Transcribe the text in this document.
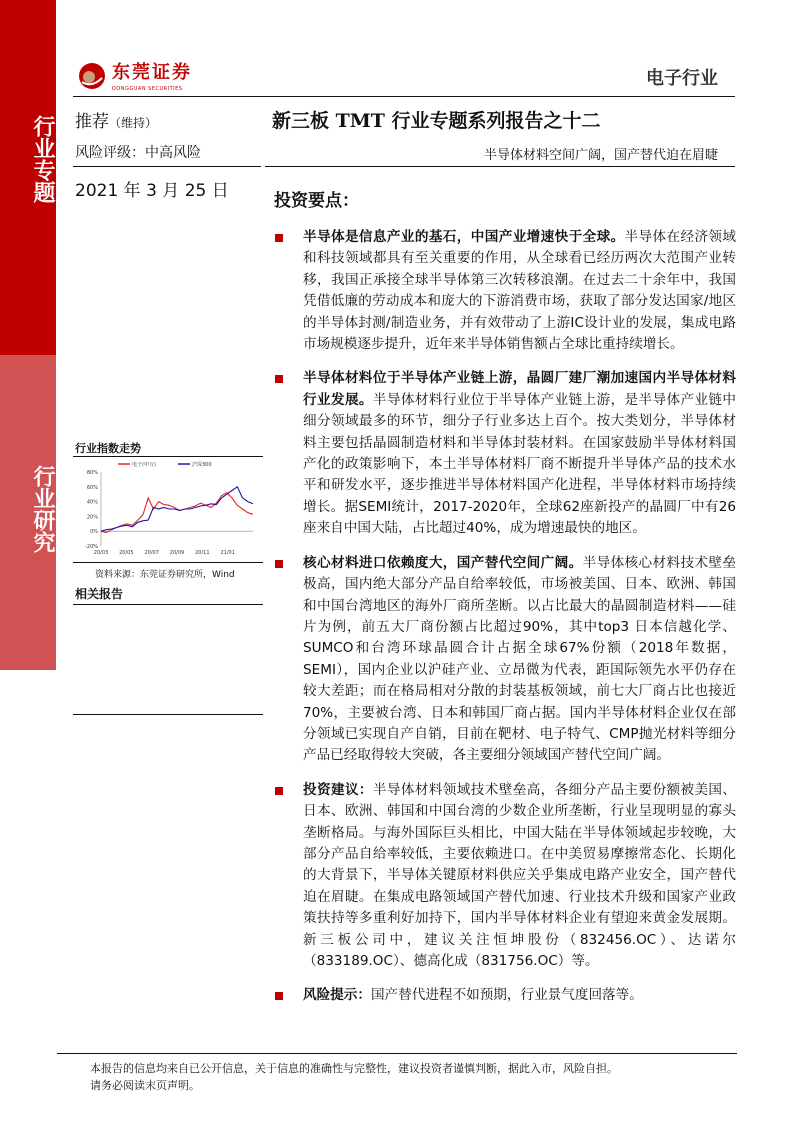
行业专题
行业研究
东莞证券
DONGGUAN SECURITIES	电子行业
推荐（维持）	新三板 TMT 行业专题系列报告之十二
风险评级：中高风险	半导体材料空间广阔，国产替代迫在眉睫
2021 年 3 月 25 日	投资要点：
半导体是信息产业的基石，中国产业增速快于全球。半导体在经济领域和科技领域都具有至关重要的作用，从全球看已经历两次大范围产业转移，我国正承接全球半导体第三次转移浪潮。在过去二十余年中，我国凭借低廉的劳动成本和庞大的下游消费市场，获取了部分发达国家/地区的半导体封测/制造业务，并有效带动了上游IC设计业的发展，集成电路市场规模逐步提升，近年来半导体销售额占全球比重持续增长。
半导体材料位于半导体产业链上游，晶圆厂建厂潮加速国内半导体材料行业发展。半导体材料行业位于半导体产业链上游，是半导体产业链中细分领域最多的环节，细分子行业多达上百个。按大类划分，半导体材料主要包括晶圆制造材料和半导体封装材料。在国家鼓励半导体材料国产化的政策影响下，本土半导体材料厂商不断提升半导体产品的技术水平和研发水平，逐步推进半导体材料国产化进程，半导体材料市场持续增长。据SEMI统计，2017-2020年，全球62座新投产的晶圆厂中有26座来自中国大陆，占比超过40%，成为增速最快的地区。
核心材料进口依赖度大，国产替代空间广阔。半导体核心材料技术壁垒极高，国内绝大部分产品自给率较低，市场被美国、日本、欧洲、韩国和中国台湾地区的海外厂商所垄断。以占比最大的晶圆制造材料——硅片为例，前五大厂商份额占比超过90%，其中top3 日本信越化学、SUMCO和台湾环球晶圆合计占据全球67%份额（2018年数据，SEMI），国内企业以沪硅产业、立昂微为代表，距国际领先水平仍存在较大差距；而在格局相对分散的封装基板领域，前七大厂商占比也接近70%，主要被台湾、日本和韩国厂商占据。国内半导体材料企业仅在部分领域已实现自产自销，目前在靶材、电子特气、CMP抛光材料等细分产品已经取得较大突破，各主要细分领域国产替代空间广阔。
投资建议：半导体材料领域技术壁垒高，各细分产品主要份额被美国、日本、欧洲、韩国和中国台湾的少数企业所垄断，行业呈现明显的寡头垄断格局。与海外国际巨头相比，中国大陆在半导体领域起步较晚，大部分产品自给率较低，主要依赖进口。在中美贸易摩擦常态化、长期化的大背景下，半导体关键原材料供应关乎集成电路产业安全，国产替代迫在眉睫。在集成电路领域国产替代加速、行业技术升级和国家产业政策扶持等多重利好加持下，国内半导体材料企业有望迎来黄金发展期。新三板公司中，建议关注恒坤股份（832456.OC）、达诺尔（833189.OC）、德高化成（831756.OC）等。
风险提示：国产替代进程不如预期，行业景气度回落等。
行业指数走势
80%
60%
40%
20%
0%
-20%
20/03 20/05 20/07 20/09 20/11 21/01
电子(申万)	沪深300
资料来源：东莞证券研究所，Wind
相关报告
本报告的信息均来自已公开信息，关于信息的准确性与完整性，建议投资者谨慎判断，据此入市，风险自担。
请务必阅读末页声明。
